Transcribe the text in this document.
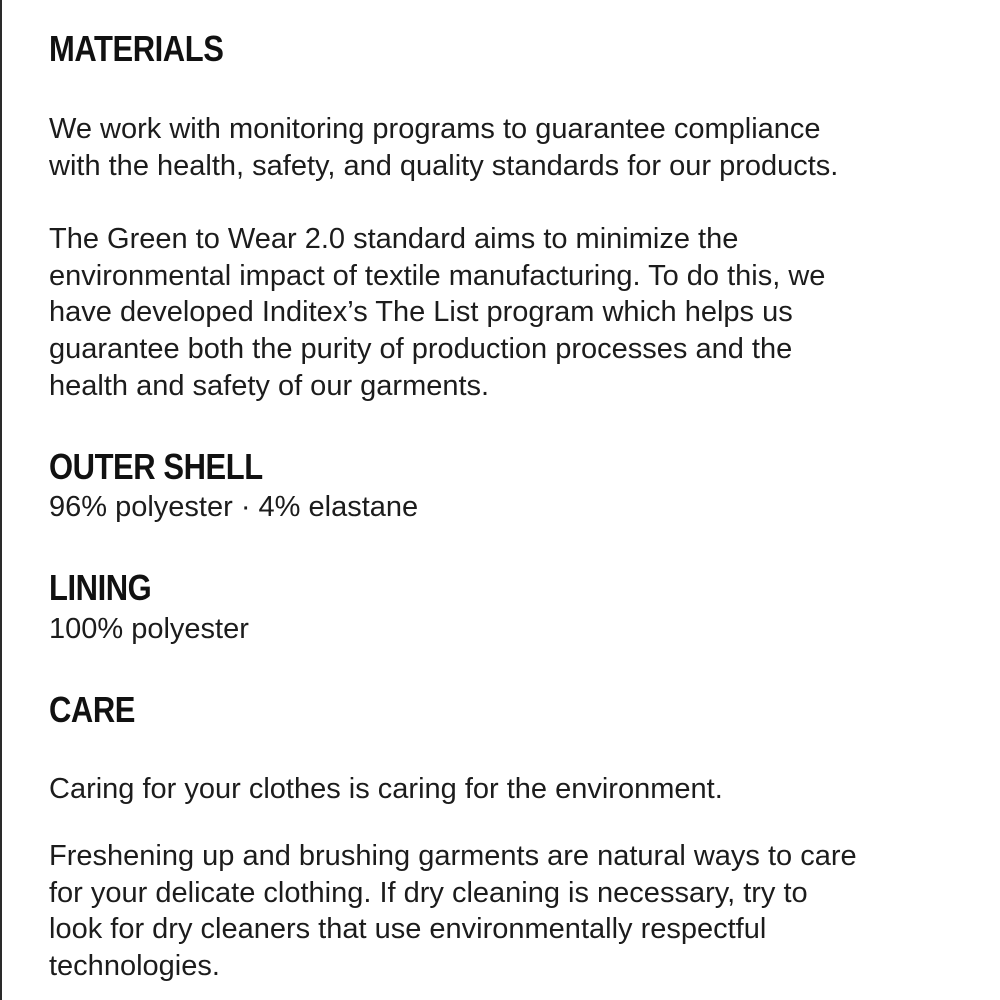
MATERIALS

We work with monitoring programs to guarantee compliance
with the health, safety, and quality standards for our products.

The Green to Wear 2.0 standard aims to minimize the
environmental impact of textile manufacturing. To do this, we
have developed Inditex’s The List program which helps us
guarantee both the purity of production processes and the
health and safety of our garments.

OUTER SHELL

96% polyester · 4% elastane

LINING

100% polyester

CARE

Caring for your clothes is caring for the environment.

Freshening up and brushing garments are natural ways to care
for your delicate clothing. If dry cleaning is necessary, try to
look for dry cleaners that use environmentally respectful
technologies.
